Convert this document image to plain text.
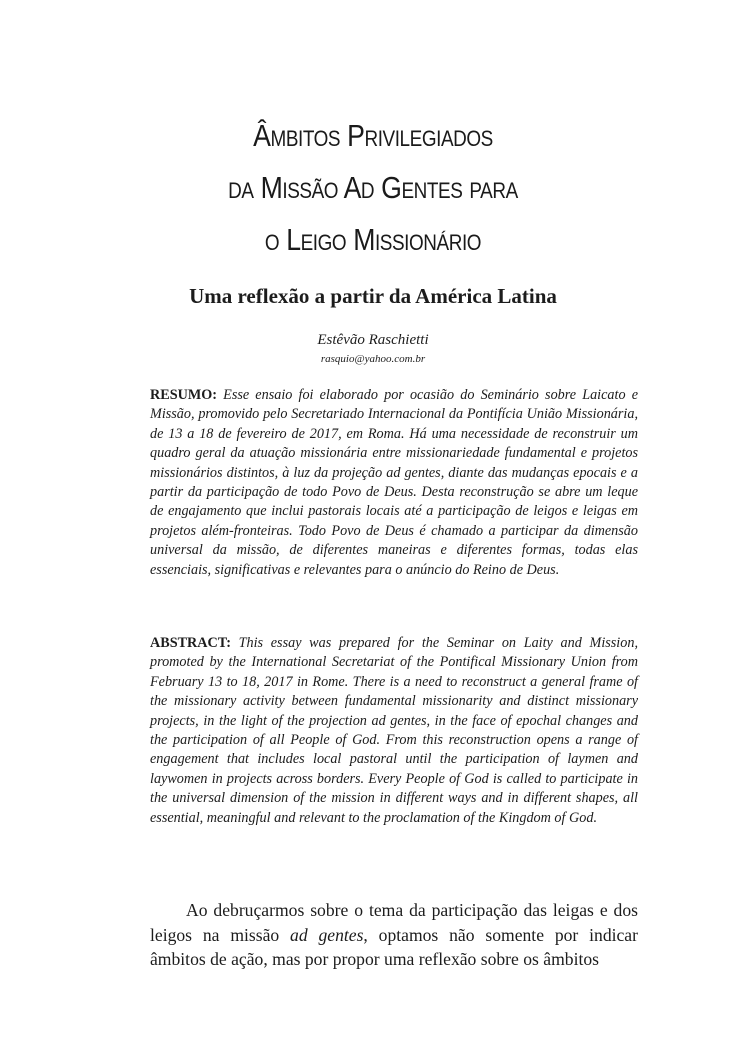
Âmbitos Privilegiados
da Missão Ad Gentes para
o Leigo Missionário
Uma reflexão a partir da América Latina
Estêvão Raschietti
rasquio@yahoo.com.br
RESUMO: Esse ensaio foi elaborado por ocasião do Seminário sobre Laicato e Missão, promovido pelo Secretariado Internacional da Pontifícia União Missionária, de 13 a 18 de fevereiro de 2017, em Roma. Há uma necessidade de reconstruir um quadro geral da atuação missionária entre missionariedade fundamental e projetos missionários distintos, à luz da projeção ad gentes, diante das mudanças epocais e a partir da participação de todo Povo de Deus. Desta reconstrução se abre um leque de engajamento que inclui pastorais locais até a participação de leigos e leigas em projetos além-fronteiras. Todo Povo de Deus é chamado a participar da dimensão universal da missão, de diferentes maneiras e diferentes formas, todas elas essenciais, significativas e relevantes para o anúncio do Reino de Deus.
ABSTRACT: This essay was prepared for the Seminar on Laity and Mission, promoted by the International Secretariat of the Pontifical Missionary Union from February 13 to 18, 2017 in Rome. There is a need to reconstruct a general frame of the missionary activity between fundamental missionarity and distinct missionary projects, in the light of the projection ad gentes, in the face of epochal changes and the participation of all People of God. From this reconstruction opens a range of engagement that includes local pastoral until the participation of laymen and laywomen in projects across borders. Every People of God is called to participate in the universal dimension of the mission in different ways and in different shapes, all essential, meaningful and relevant to the proclamation of the Kingdom of God.

Ao debruçarmos sobre o tema da participação das leigas e dos leigos na missão ad gentes, optamos não somente por indicar âmbitos de ação, mas por propor uma reflexão sobre os âmbitos
